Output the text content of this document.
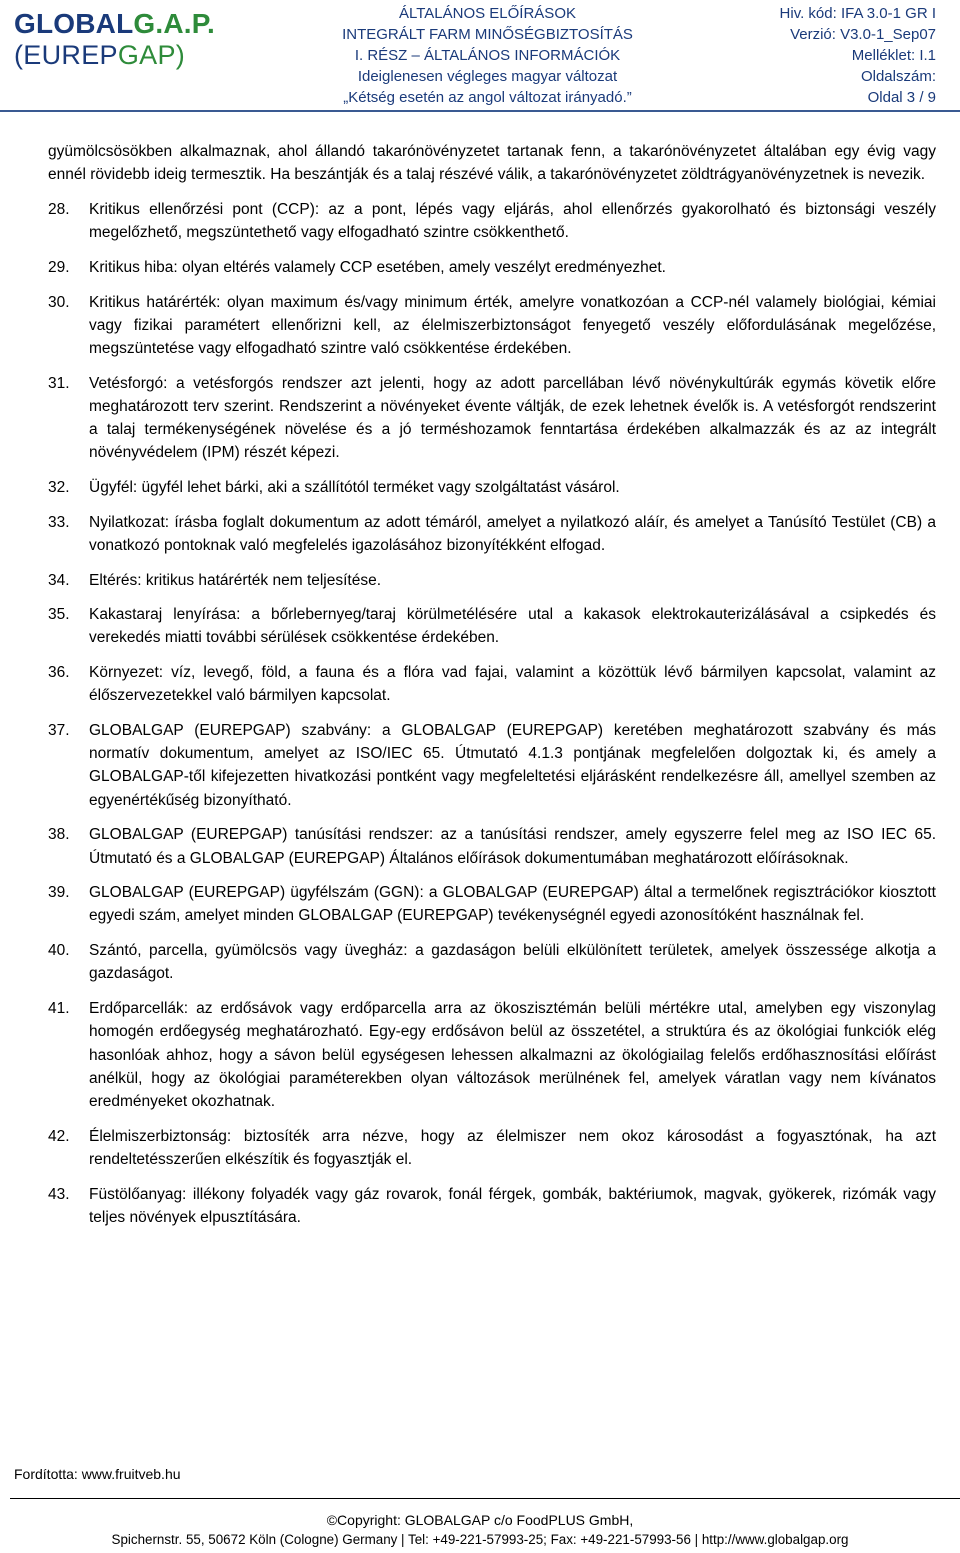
GLOBALG.A.P.
(EUREPGAP)
ÁLTALÁNOS ELŐÍRÁSOK
INTEGRÁLT FARM MINŐSÉGBIZTOSÍTÁS
I. RÉSZ – ÁLTALÁNOS INFORMÁCIÓK
Ideiglenesen végleges magyar változat
„Kétség esetén az angol változat irányadó.”
Hiv. kód: IFA 3.0-1 GR I
Verzió: V3.0-1_Sep07
Melléklet: I.1
Oldalszám:
Oldal 3 / 9

gyümölcsösökben alkalmaznak, ahol állandó takarónövényzetet tartanak fenn, a takarónövényzetet általában egy évig vagy ennél rövidebb ideig termesztik. Ha beszántják és a talaj részévé válik, a takarónövényzetet zöldtrágyanövényzetnek is nevezik.

28. Kritikus ellenőrzési pont (CCP): az a pont, lépés vagy eljárás, ahol ellenőrzés gyakorolható és biztonsági veszély megelőzhető, megszüntethető vagy elfogadható szintre csökkenthető.
29. Kritikus hiba: olyan eltérés valamely CCP esetében, amely veszélyt eredményezhet.
30. Kritikus határérték: olyan maximum és/vagy minimum érték, amelyre vonatkozóan a CCP-nél valamely biológiai, kémiai vagy fizikai paramétert ellenőrizni kell, az élelmiszerbiztonságot fenyegető veszély előfordulásának megelőzése, megszüntetése vagy elfogadható szintre való csökkentése érdekében.
31. Vetésforgó: a vetésforgós rendszer azt jelenti, hogy az adott parcellában lévő növénykultúrák egymás követik előre meghatározott terv szerint. Rendszerint a növényeket évente váltják, de ezek lehetnek évelők is. A vetésforgót rendszerint a talaj termékenységének növelése és a jó terméshozamok fenntartása érdekében alkalmazzák és az az integrált növényvédelem (IPM) részét képezi.
32. Ügyfél: ügyfél lehet bárki, aki a szállítótól terméket vagy szolgáltatást vásárol.
33. Nyilatkozat: írásba foglalt dokumentum az adott témáról, amelyet a nyilatkozó aláír, és amelyet a Tanúsító Testület (CB) a vonatkozó pontoknak való megfelelés igazolásához bizonyítékként elfogad.
34. Eltérés: kritikus határérték nem teljesítése.
35. Kakastaraj lenyírása: a bőrlebernyeg/taraj körülmetélésére utal a kakasok elektrokauterizálásával a csipkedés és verekedés miatti további sérülések csökkentése érdekében.
36. Környezet: víz, levegő, föld, a fauna és a flóra vad fajai, valamint a közöttük lévő bármilyen kapcsolat, valamint az élőszervezetekkel való bármilyen kapcsolat.
37. GLOBALGAP (EUREPGAP) szabvány: a GLOBALGAP (EUREPGAP) keretében meghatározott szabvány és más normatív dokumentum, amelyet az ISO/IEC 65. Útmutató 4.1.3 pontjának megfelelően dolgoztak ki, és amely a GLOBALGAP-től kifejezetten hivatkozási pontként vagy megfeleltetési eljárásként rendelkezésre áll, amellyel szemben az egyenértékűség bizonyítható.
38. GLOBALGAP (EUREPGAP) tanúsítási rendszer: az a tanúsítási rendszer, amely egyszerre felel meg az ISO IEC 65. Útmutató és a GLOBALGAP (EUREPGAP) Általános előírások dokumentumában meghatározott előírásoknak.
39. GLOBALGAP (EUREPGAP) ügyfélszám (GGN): a GLOBALGAP (EUREPGAP) által a termelőnek regisztrációkor kiosztott egyedi szám, amelyet minden GLOBALGAP (EUREPGAP) tevékenységnél egyedi azonosítóként használnak fel.
40. Szántó, parcella, gyümölcsös vagy üvegház: a gazdaságon belüli elkülönített területek, amelyek összessége alkotja a gazdaságot.
41. Erdőparcellák: az erdősávok vagy erdőparcella arra az ökoszisztémán belüli mértékre utal, amelyben egy viszonylag homogén erdőegység meghatározható. Egy-egy erdősávon belül az összetétel, a struktúra és az ökológiai funkciók elég hasonlóak ahhoz, hogy a sávon belül egységesen lehessen alkalmazni az ökológiailag felelős erdőhasznosítási előírást anélkül, hogy az ökológiai paraméterekben olyan változások merülnének fel, amelyek váratlan vagy nem kívánatos eredményeket okozhatnak.
42. Élelmiszerbiztonság: biztosíték arra nézve, hogy az élelmiszer nem okoz károsodást a fogyasztónak, ha azt rendeltetésszerűen elkészítik és fogyasztják el.
43. Füstölőanyag: illékony folyadék vagy gáz rovarok, fonál férgek, gombák, baktériumok, magvak, gyökerek, rizómák vagy teljes növények elpusztítására.
Fordította: www.fruitveb.hu
©Copyright: GLOBALGAP c/o FoodPLUS GmbH,
Spichernstr. 55, 50672 Köln (Cologne) Germany | Tel: +49-221-57993-25; Fax: +49-221-57993-56 | http://www.globalgap.org
